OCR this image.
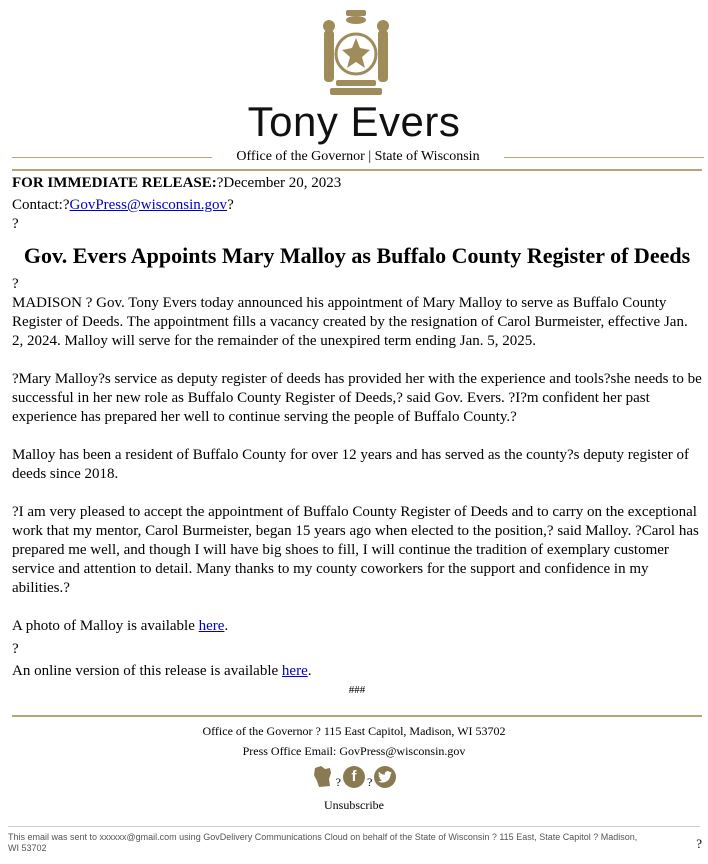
Tony Evers
Office of the Governor | State of Wisconsin

FOR IMMEDIATE RELEASE:?December 20, 2023

Contact:?GovPress@wisconsin.gov?

?

Gov. Evers Appoints Mary Malloy as Buffalo County Register of Deeds

?

MADISON ? Gov. Tony Evers today announced his appointment of Mary Malloy to serve as Buffalo County Register of Deeds. The appointment fills a vacancy created by the resignation of Carol Burmeister, effective Jan. 2, 2024. Malloy will serve for the remainder of the unexpired term ending Jan. 5, 2025.

?Mary Malloy?s service as deputy register of deeds has provided her with the experience and tools?she needs to be successful in her new role as Buffalo County Register of Deeds,? said Gov. Evers. ?I?m confident her past experience has prepared her well to continue serving the people of Buffalo County.?

Malloy has been a resident of Buffalo County for over 12 years and has served as the county?s deputy register of deeds since 2018.

?I am very pleased to accept the appointment of Buffalo County Register of Deeds and to carry on the exceptional work that my mentor, Carol Burmeister, began 15 years ago when elected to the position,? said Malloy. ?Carol has prepared me well, and though I will have big shoes to fill, I will continue the tradition of exemplary customer service and attention to detail. Many thanks to my county coworkers for the support and confidence in my abilities.?

A photo of Malloy is available here.

?

An online version of this release is available here.

###
Office of the Governor ? 115 East Capitol, Madison, WI 53702
Press Office Email: GovPress@wisconsin.gov
? f ?
Unsubscribe
This email was sent to xxxxxx@gmail.com using GovDelivery Communications Cloud on behalf of the State of Wisconsin ? 115 East, State Capitol ? Madison, WI 53702	?
